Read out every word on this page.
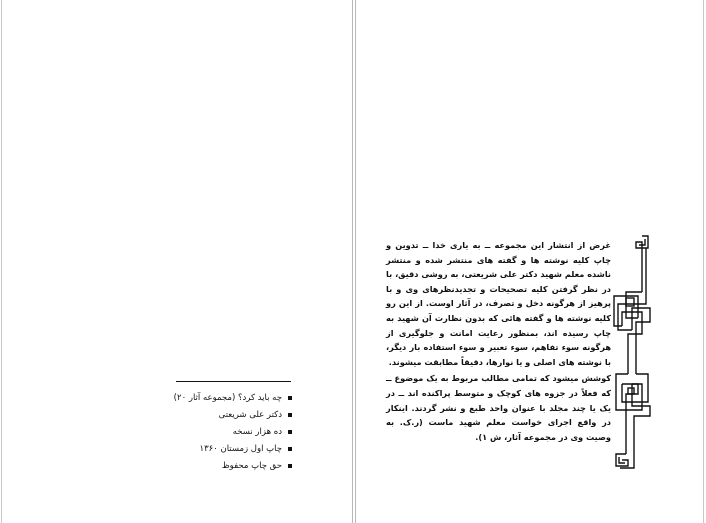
چه باید کرد؟ (مجموعه آثار ۲۰)
دکتر علی شریعتی
ده هزار نسخه
چاپ اول زمستان ۱۳۶۰
حق چاپ محفوظ

غرض از انتشار این مجموعه ــ به یاری خدا ــ تدوین و چاپ کلیه نوشته ها و گفته های منتشر شده و منتشر ناشده معلم شهید دکتر علی شریعتی، به روشی دقیق، با در نظر گرفتن کلیه تصحیحات و تجدیدنظرهای وی و با پرهیز از هرگونه دخل و تصرف، در آثار اوست. از این رو کلیه نوشته ها و گفته هائی که بدون نظارت آن شهید به چاپ رسیده اند، بمنظور رعایت امانت و جلوگیری از هرگونه سوء تفاهم، سوء تعبیر و سوء استفاده بار دیگر، با نوشته های اصلی و یا نوارها، دقیقاً مطابقت میشوند.

کوشش میشود که تمامی مطالب مربوط به یک موضوع ــ که فعلاً در جزوه های کوچک و متوسط پراکنده اند ــ در یک یا چند مجلد با عنوان واحد طبع و نشر گردند. اینکار در واقع اجرای خواست معلم شهید ماست (ر.ک. به وصیت وی در مجموعه آثار، ش ۱).
